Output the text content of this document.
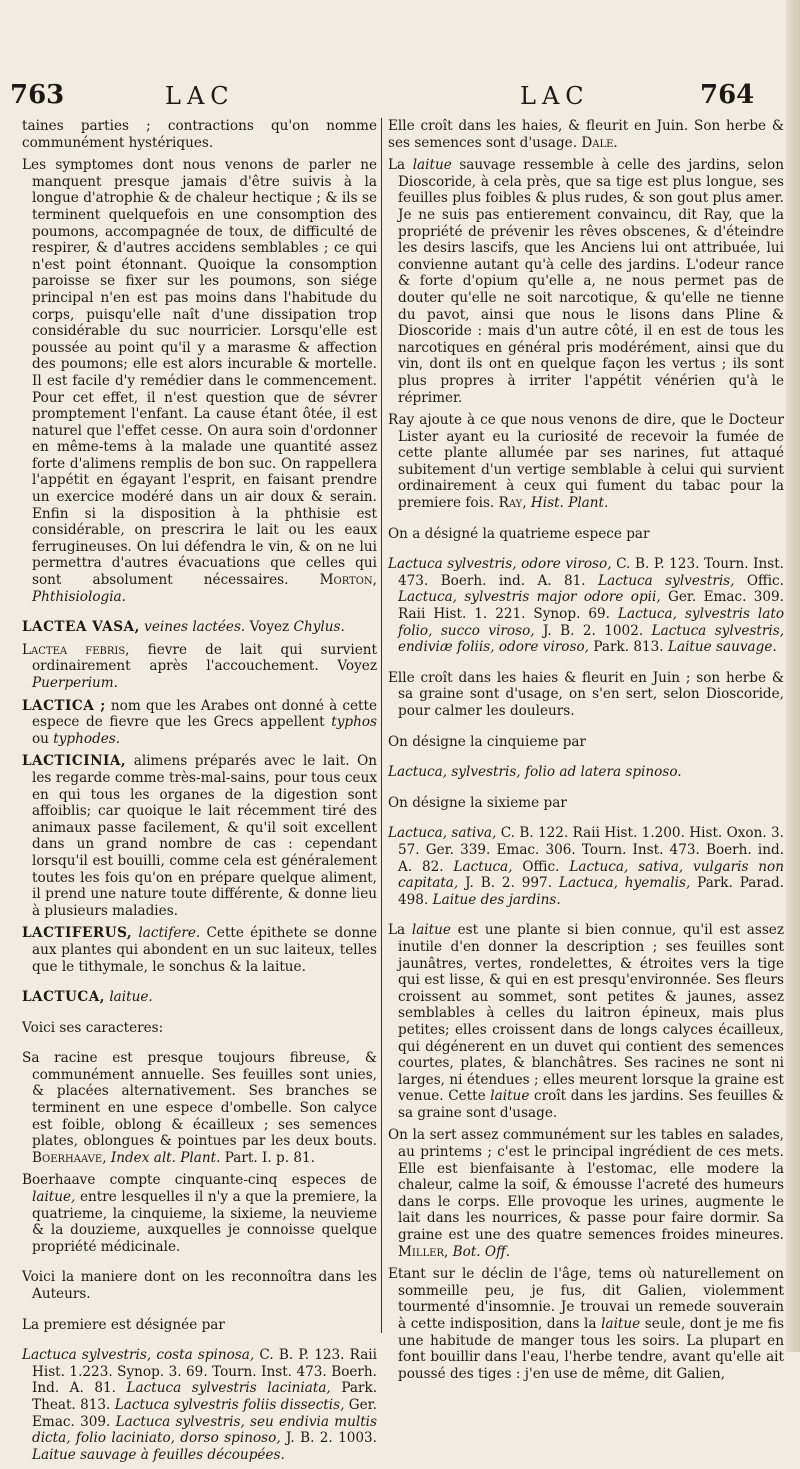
763	LAC	LAC	764

taines parties ; contractions qu'on nomme communément hystériques.

Les symptomes dont nous venons de parler ne manquent presque jamais d'être suivis à la longue d'atrophie & de chaleur hectique ; & ils se terminent quelquefois en une consomption des poumons, accompagnée de toux, de difficulté de respirer, & d'autres accidens semblables ; ce qui n'est point étonnant. Quoique la consomption paroisse se fixer sur les poumons, son siége principal n'en est pas moins dans l'habitude du corps, puisqu'elle naît d'une dissipation trop considérable du suc nourricier. Lorsqu'elle est poussée au point qu'il y a marasme & affection des poumons; elle est alors incurable & mortelle. Il est facile d'y remédier dans le commencement. Pour cet effet, il n'est question que de sévrer promptement l'enfant. La cause étant ôtée, il est naturel que l'effet cesse. On aura soin d'ordonner en même-tems à la malade une quantité assez forte d'alimens remplis de bon suc. On rappellera l'appétit en égayant l'esprit, en faisant prendre un exercice modéré dans un air doux & serain. Enfin si la disposition à la phthisie est considérable, on prescrira le lait ou les eaux ferrugineuses. On lui défendra le vin, & on ne lui permettra d'autres évacuations que celles qui sont absolument nécessaires. Morton, Phthisiologia.

LACTEA VASA, veines lactées. Voyez Chylus.

Lactea febris, fievre de lait qui survient ordinairement après l'accouchement. Voyez Puerperium.

LACTICA ; nom que les Arabes ont donné à cette espece de fievre que les Grecs appellent typhos ou typhodes.

LACTICINIA, alimens préparés avec le lait. On les regarde comme très-mal-sains, pour tous ceux en qui tous les organes de la digestion sont affoiblis; car quoique le lait récemment tiré des animaux passe facilement, & qu'il soit excellent dans un grand nombre de cas : cependant lorsqu'il est bouilli, comme cela est généralement toutes les fois qu'on en prépare quelque aliment, il prend une nature toute différente, & donne lieu à plusieurs maladies.

LACTIFERUS, lactifere. Cette épithete se donne aux plantes qui abondent en un suc laiteux, telles que le tithymale, le sonchus & la laitue.

LACTUCA, laitue.

Voici ses caracteres:

Sa racine est presque toujours fibreuse, & communément annuelle. Ses feuilles sont unies, & placées alternativement. Ses branches se terminent en une espece d'ombelle. Son calyce est foible, oblong & écailleux ; ses semences plates, oblongues & pointues par les deux bouts. Boerhaave, Index alt. Plant. Part. I. p. 81.

Boerhaave compte cinquante-cinq especes de laitue, entre lesquelles il n'y a que la premiere, la quatrieme, la cinquieme, la sixieme, la neuvieme & la douzieme, auxquelles je connoisse quelque propriété médicinale.

Voici la maniere dont on les reconnoîtra dans les Auteurs.

La premiere est désignée par

Lactuca sylvestris, costa spinosa, C. B. P. 123. Raii Hist. 1.223. Synop. 3. 69. Tourn. Inst. 473. Boerh. Ind. A. 81. Lactuca sylvestris laciniata, Park. Theat. 813. Lactuca sylvestris foliis dissectis, Ger. Emac. 309. Lactuca sylvestris, seu endivia multis dicta, folio laciniato, dorso spinoso, J. B. 2. 1003. Laitue sauvage à feuilles découpées.

Elle croît dans les haies, & fleurit en Juin. Son herbe & ses semences sont d'usage. Dale.

La laitue sauvage ressemble à celle des jardins, selon Dioscoride, à cela près, que sa tige est plus longue, ses feuilles plus foibles & plus rudes, & son gout plus amer. Je ne suis pas entierement convaincu, dit Ray, que la propriété de prévenir les rêves obscenes, & d'éteindre les desirs lascifs, que les Anciens lui ont attribuée, lui convienne autant qu'à celle des jardins. L'odeur rance & forte d'opium qu'elle a, ne nous permet pas de douter qu'elle ne soit narcotique, & qu'elle ne tienne du pavot, ainsi que nous le lisons dans Pline & Dioscoride : mais d'un autre côté, il en est de tous les narcotiques en général pris modérément, ainsi que du vin, dont ils ont en quelque façon les vertus ; ils sont plus propres à irriter l'appétit vénérien qu'à le réprimer.

Ray ajoute à ce que nous venons de dire, que le Docteur Lister ayant eu la curiosité de recevoir la fumée de cette plante allumée par ses narines, fut attaqué subitement d'un vertige semblable à celui qui survient ordinairement à ceux qui fument du tabac pour la premiere fois. Ray, Hist. Plant.

On a désigné la quatrieme espece par

Lactuca sylvestris, odore viroso, C. B. P. 123. Tourn. Inst. 473. Boerh. ind. A. 81. Lactuca sylvestris, Offic. Lactuca, sylvestris major odore opii, Ger. Emac. 309. Raii Hist. 1. 221. Synop. 69. Lactuca, sylvestris lato folio, succo viroso, J. B. 2. 1002. Lactuca sylvestris, endiviæ foliis, odore viroso, Park. 813. Laitue sauvage.

Elle croît dans les haies & fleurit en Juin ; son herbe & sa graine sont d'usage, on s'en sert, selon Dioscoride, pour calmer les douleurs.

On désigne la cinquieme par

Lactuca, sylvestris, folio ad latera spinoso.

On désigne la sixieme par

Lactuca, sativa, C. B. 122. Raii Hist. 1.200. Hist. Oxon. 3. 57. Ger. 339. Emac. 306. Tourn. Inst. 473. Boerh. ind. A. 82. Lactuca, Offic. Lactuca, sativa, vulgaris non capitata, J. B. 2. 997. Lactuca, hyemalis, Park. Parad. 498. Laitue des jardins.

La laitue est une plante si bien connue, qu'il est assez inutile d'en donner la description ; ses feuilles sont jaunâtres, vertes, rondelettes, & étroites vers la tige qui est lisse, & qui en est presqu'environnée. Ses fleurs croissent au sommet, sont petites & jaunes, assez semblables à celles du laitron épineux, mais plus petites; elles croissent dans de longs calyces écailleux, qui dégénerent en un duvet qui contient des semences courtes, plates, & blanchâtres. Ses racines ne sont ni larges, ni étendues ; elles meurent lorsque la graine est venue. Cette laitue croît dans les jardins. Ses feuilles & sa graine sont d'usage.

On la sert assez communément sur les tables en salades, au printems ; c'est le principal ingrédient de ces mets. Elle est bienfaisante à l'estomac, elle modere la chaleur, calme la soif, & émousse l'acreté des humeurs dans le corps. Elle provoque les urines, augmente le lait dans les nourrices, & passe pour faire dormir. Sa graine est une des quatre semences froides mineures. Miller, Bot. Off.

Etant sur le déclin de l'âge, tems où naturellement on sommeille peu, je fus, dit Galien, violemment tourmenté d'insomnie. Je trouvai un remede souverain à cette indisposition, dans la laitue seule, dont je me fis une habitude de manger tous les soirs. La plupart en font bouillir dans l'eau, l'herbe tendre, avant qu'elle ait poussé des tiges : j'en use de même, dit Galien,
